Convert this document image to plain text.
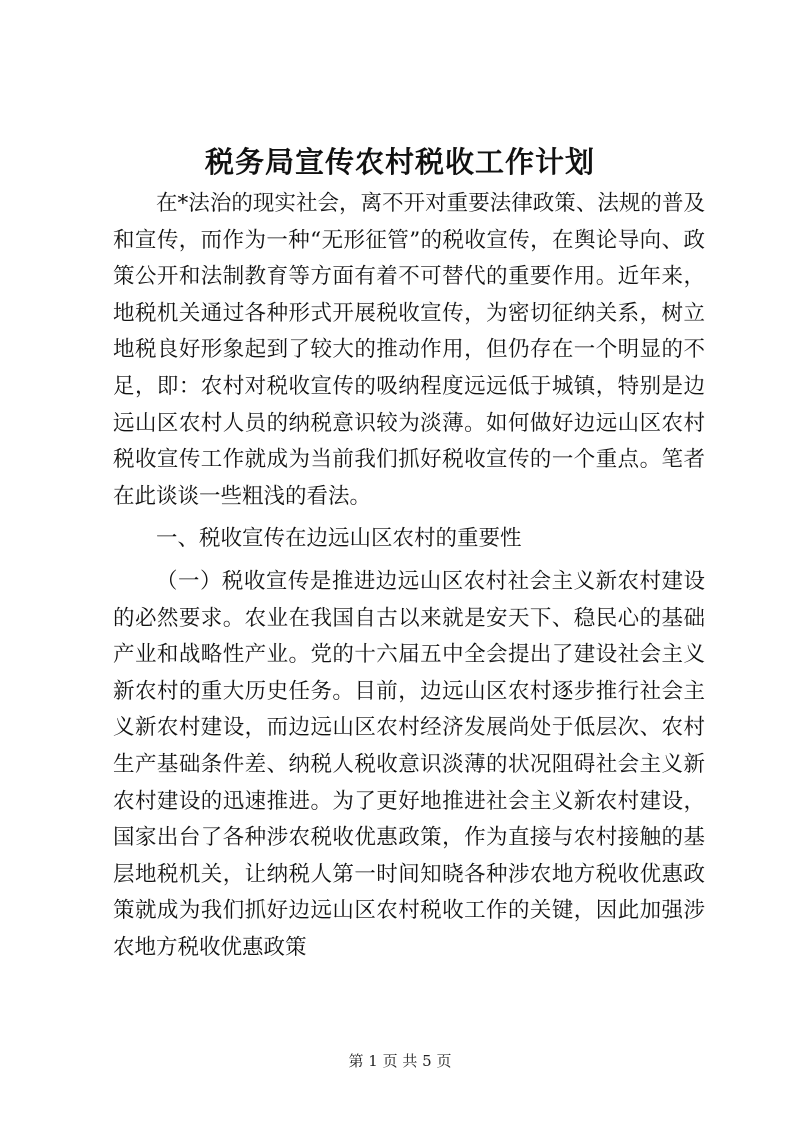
税务局宣传农村税收工作计划

在*法治的现实社会，离不开对重要法律政策、法规的普及和宣传，而作为一种“无形征管”的税收宣传，在舆论导向、政策公开和法制教育等方面有着不可替代的重要作用。近年来，地税机关通过各种形式开展税收宣传，为密切征纳关系，树立地税良好形象起到了较大的推动作用，但仍存在一个明显的不足，即：农村对税收宣传的吸纳程度远远低于城镇，特别是边远山区农村人员的纳税意识较为淡薄。如何做好边远山区农村税收宣传工作就成为当前我们抓好税收宣传的一个重点。笔者在此谈谈一些粗浅的看法。

一、税收宣传在边远山区农村的重要性

（一）税收宣传是推进边远山区农村社会主义新农村建设的必然要求。农业在我国自古以来就是安天下、稳民心的基础产业和战略性产业。党的十六届五中全会提出了建设社会主义新农村的重大历史任务。目前，边远山区农村逐步推行社会主义新农村建设，而边远山区农村经济发展尚处于低层次、农村生产基础条件差、纳税人税收意识淡薄的状况阻碍社会主义新农村建设的迅速推进。为了更好地推进社会主义新农村建设，国家出台了各种涉农税收优惠政策，作为直接与农村接触的基层地税机关，让纳税人第一时间知晓各种涉农地方税收优惠政策就成为我们抓好边远山区农村税收工作的关键，因此加强涉农地方税收优惠政策

第 1 页 共 5 页
